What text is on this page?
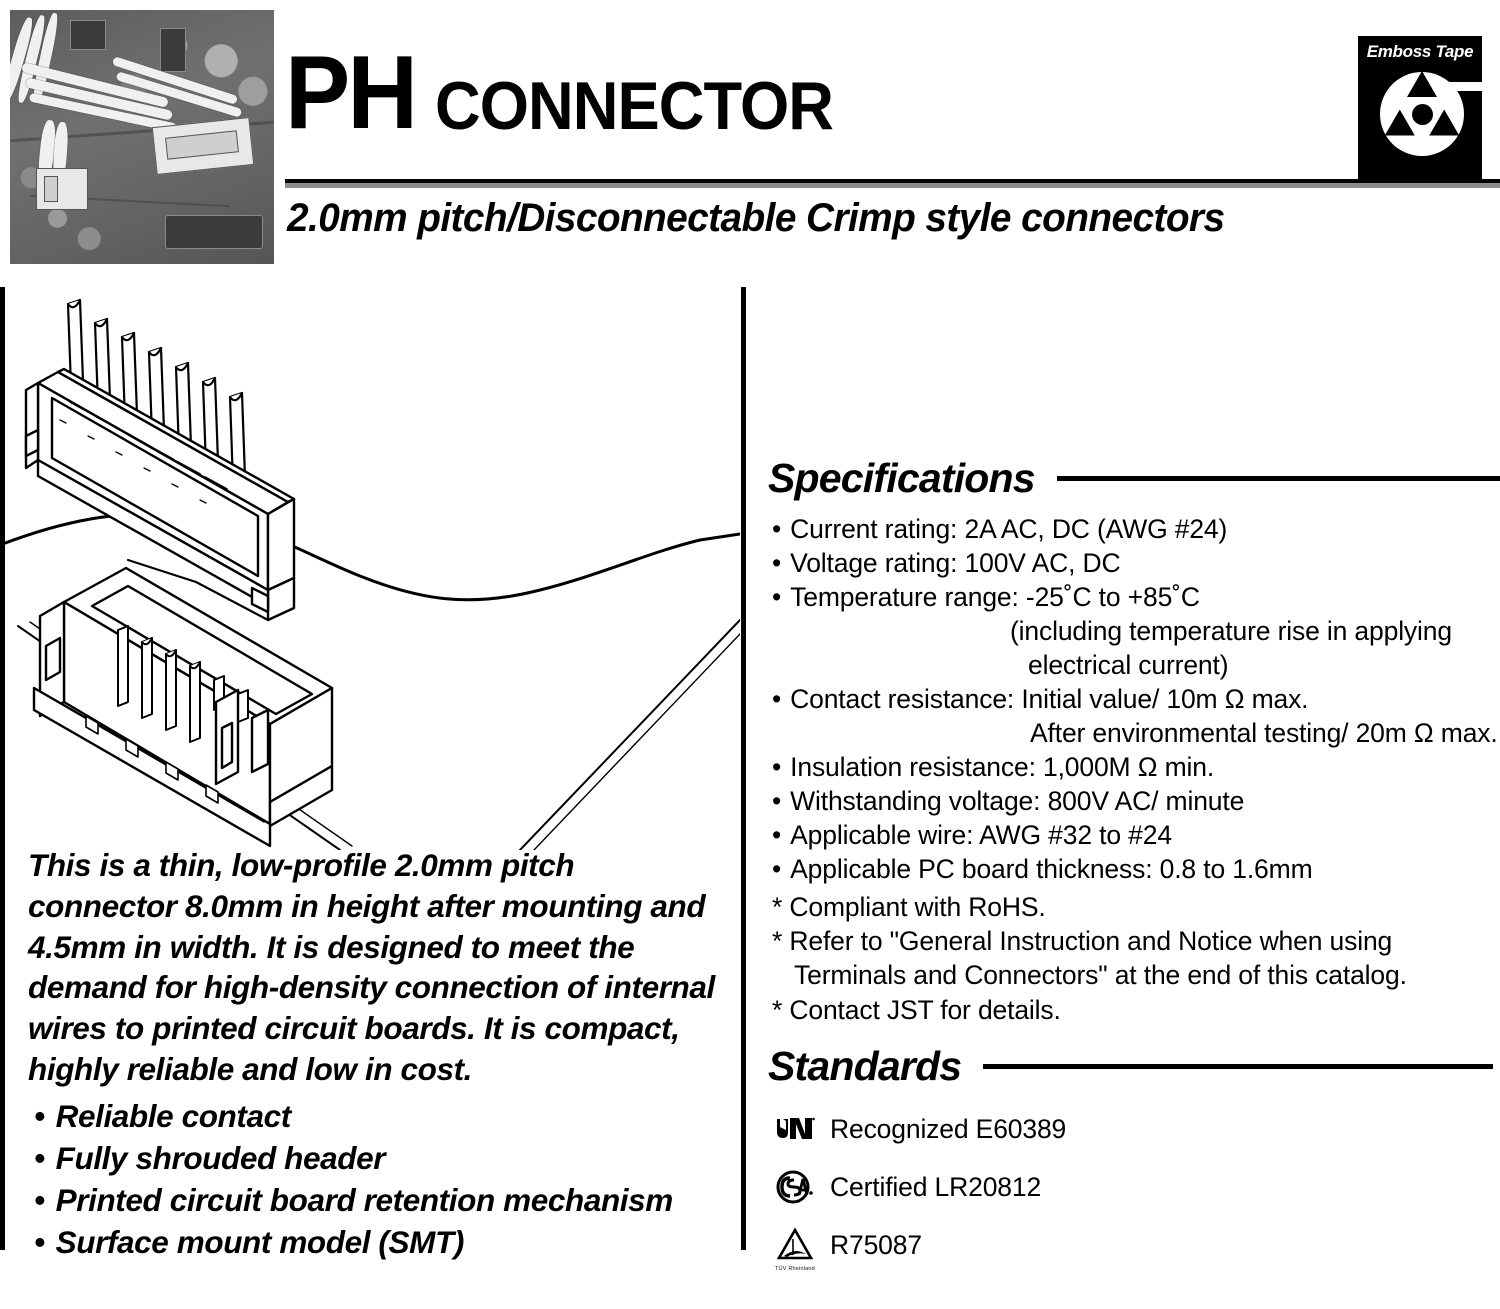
PH CONNECTOR
2.0mm pitch/Disconnectable Crimp style connectors
Emboss Tape
This is a thin, low-profile 2.0mm pitch connector 8.0mm in height after mounting and 4.5mm in width. It is designed to meet the demand for high-density connection of internal wires to printed circuit boards. It is compact, highly reliable and low in cost.
• Reliable contact
• Fully shrouded header
• Printed circuit board retention mechanism
• Surface mount model (SMT)
Specifications
• Current rating: 2A AC, DC (AWG #24)
• Voltage rating: 100V AC, DC
• Temperature range: -25˚C to +85˚C
(including temperature rise in applying
electrical current)
• Contact resistance: Initial value/ 10m Ω max.
After environmental testing/ 20m Ω max.
• Insulation resistance: 1,000M Ω min.
• Withstanding voltage: 800V AC/ minute
• Applicable wire: AWG #32 to #24
• Applicable PC board thickness: 0.8 to 1.6mm
* Compliant with RoHS.
* Refer to "General Instruction and Notice when using
Terminals and Connectors" at the end of this catalog.
* Contact JST for details.
Standards
Recognized E60389
Certified LR20812
TÜV Rheinland
R75087
